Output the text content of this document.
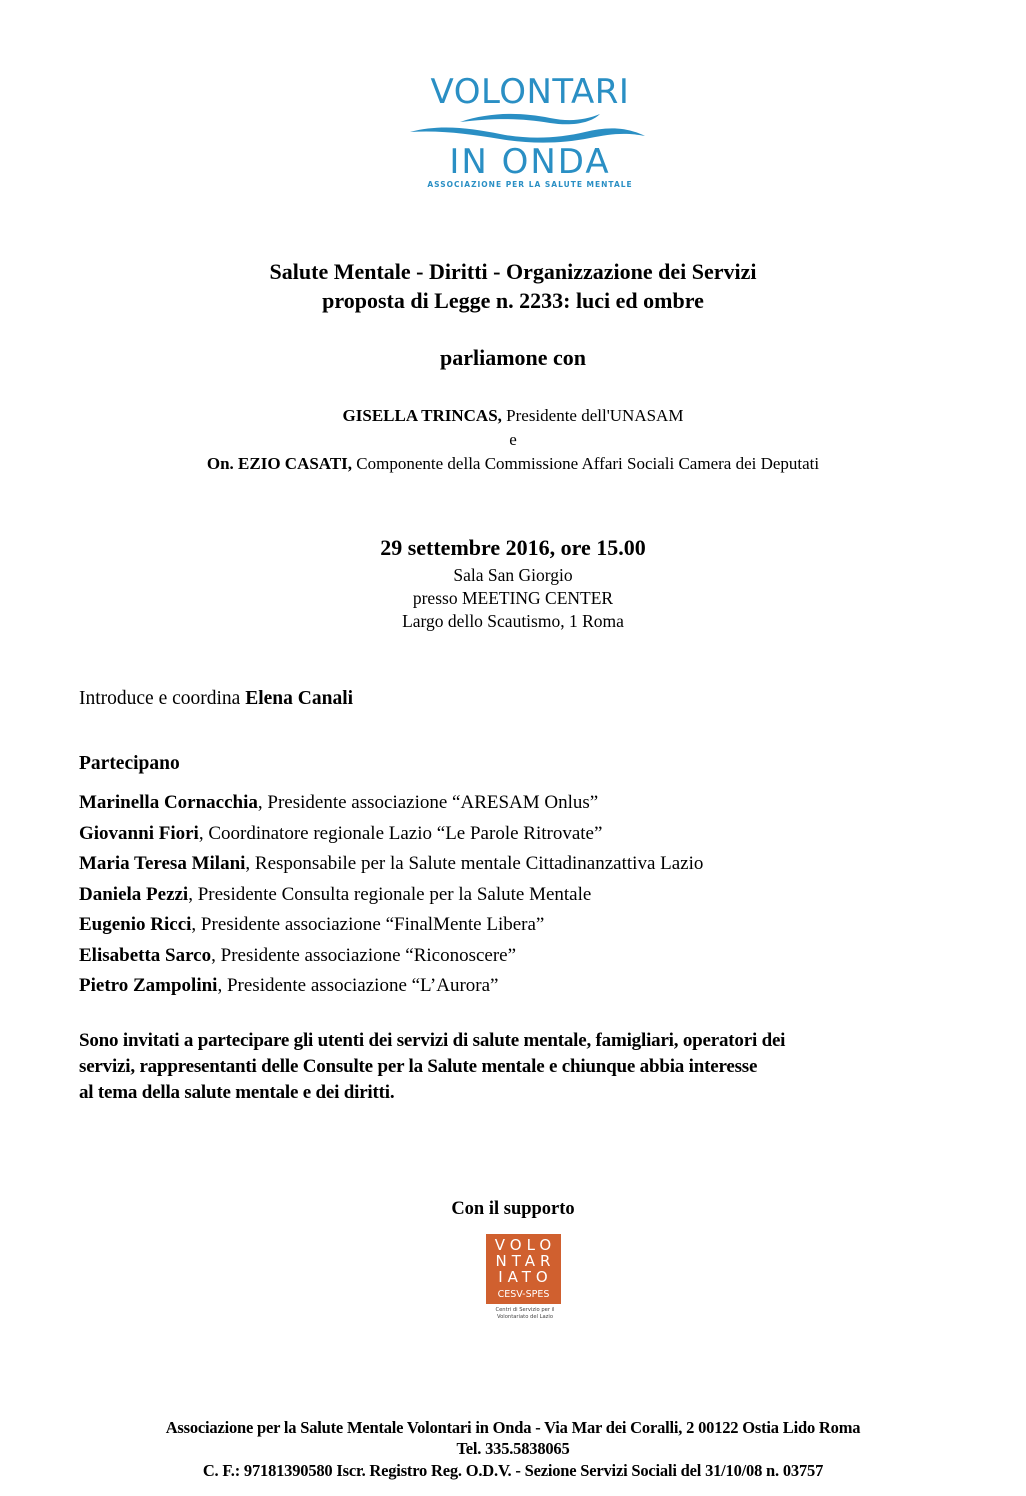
VOLONTARI
IN ONDA
ASSOCIAZIONE PER LA SALUTE MENTALE
Salute Mentale - Diritti - Organizzazione dei Servizi
proposta di Legge n. 2233: luci ed ombre
parliamone con
GISELLA TRINCAS, Presidente dell'UNASAM
e
On. EZIO CASATI, Componente della Commissione Affari Sociali Camera dei Deputati
29 settembre 2016, ore 15.00
Sala San Giorgio
presso MEETING CENTER
Largo dello Scautismo, 1 Roma
Introduce e coordina Elena Canali
Partecipano
Marinella Cornacchia, Presidente associazione “ARESAM Onlus”
Giovanni Fiori, Coordinatore regionale Lazio “Le Parole Ritrovate”
Maria Teresa Milani, Responsabile per la Salute mentale Cittadinanzattiva Lazio
Daniela Pezzi, Presidente Consulta regionale per la Salute Mentale
Eugenio Ricci, Presidente associazione “FinalMente Libera”
Elisabetta Sarco, Presidente associazione “Riconoscere”
Pietro Zampolini, Presidente associazione “L’Aurora”
Sono invitati a partecipare gli utenti dei servizi di salute mentale, famigliari, operatori dei
servizi, rappresentanti delle Consulte per la Salute mentale e chiunque abbia interesse
al tema della salute mentale e dei diritti.
Con il supporto
VOLO
NTAR
IATO
CESV-SPES
Centri di Servizio per il
Volontariato del Lazio
Associazione per la Salute Mentale Volontari in Onda - Via Mar dei Coralli, 2 00122 Ostia Lido Roma
Tel. 335.5838065
C. F.: 97181390580 Iscr. Registro Reg. O.D.V. - Sezione Servizi Sociali del 31/10/08 n. 03757
